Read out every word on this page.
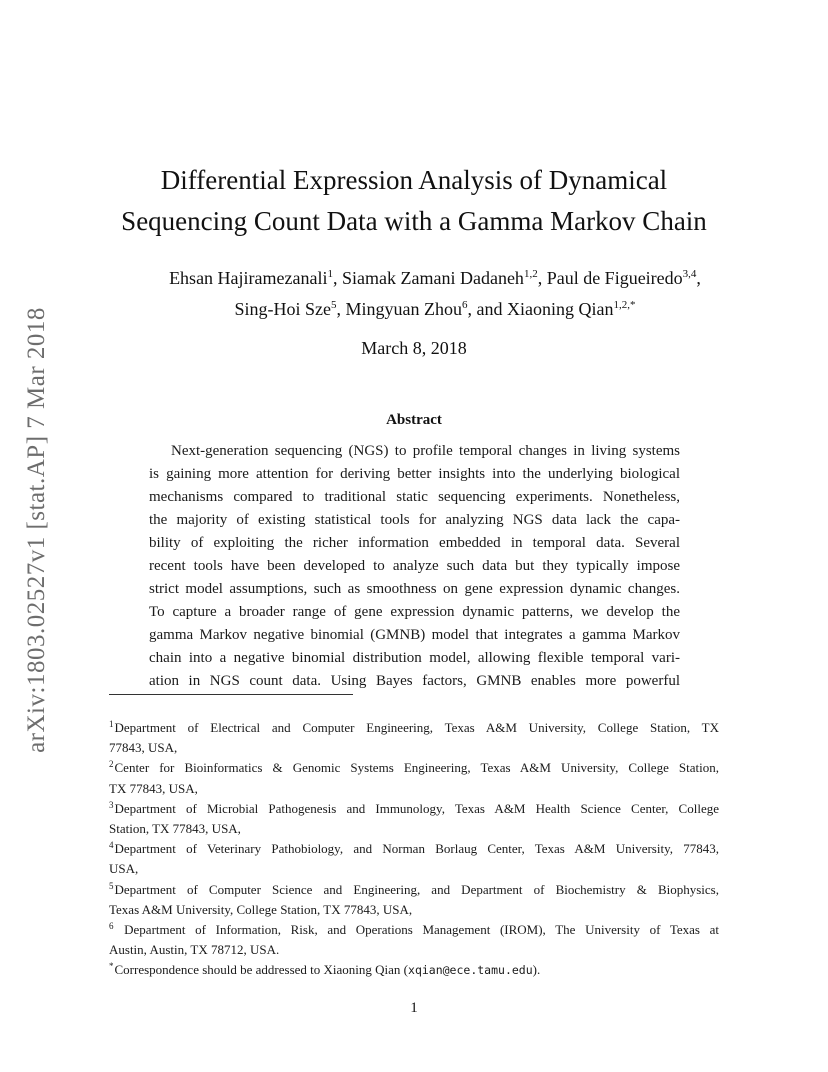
arXiv:1803.02527v1 [stat.AP] 7 Mar 2018
Differential Expression Analysis of Dynamical
Sequencing Count Data with a Gamma Markov Chain
Ehsan Hajiramezanali$^1$, Siamak Zamani Dadaneh$^{1,2}$, Paul de Figueiredo$^{3,4}$,
Sing-Hoi Sze$^5$, Mingyuan Zhou$^6$, and Xiaoning Qian$^{1,2,*}$
March 8, 2018
Abstract
Next-generation sequencing (NGS) to profile temporal changes in living systems
is gaining more attention for deriving better insights into the underlying biological
mechanisms compared to traditional static sequencing experiments. Nonetheless,
the majority of existing statistical tools for analyzing NGS data lack the capa-
bility of exploiting the richer information embedded in temporal data. Several
recent tools have been developed to analyze such data but they typically impose
strict model assumptions, such as smoothness on gene expression dynamic changes.
To capture a broader range of gene expression dynamic patterns, we develop the
gamma Markov negative binomial (GMNB) model that integrates a gamma Markov
chain into a negative binomial distribution model, allowing flexible temporal vari-
ation in NGS count data. Using Bayes factors, GMNB enables more powerful
$^1$Department of Electrical and Computer Engineering, Texas A&M University, College Station, TX
77843, USA,
$^2$Center for Bioinformatics & Genomic Systems Engineering, Texas A&M University, College Station,
TX 77843, USA,
$^3$Department of Microbial Pathogenesis and Immunology, Texas A&M Health Science Center, College
Station, TX 77843, USA,
$^4$Department of Veterinary Pathobiology, and Norman Borlaug Center, Texas A&M University, 77843,
USA,
$^5$Department of Computer Science and Engineering, and Department of Biochemistry & Biophysics,
Texas A&M University, College Station, TX 77843, USA,
$^6$ Department of Information, Risk, and Operations Management (IROM), The University of Texas at
Austin, Austin, TX 78712, USA.
*Correspondence should be addressed to Xiaoning Qian (xqian@ece.tamu.edu).
1
